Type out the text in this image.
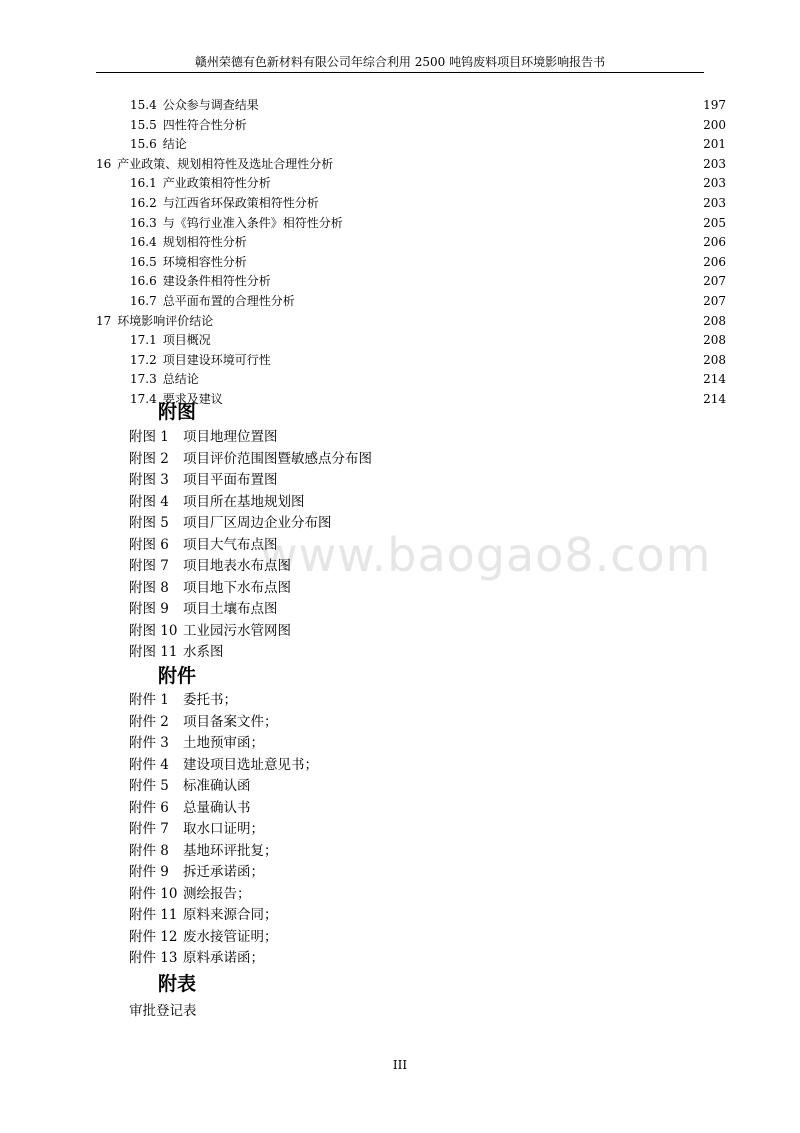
赣州荣德有色新材料有限公司年综合利用 2500 吨钨废料项目环境影响报告书
15.4 公众参与调查结果	197
15.5 四性符合性分析	200
15.6 结论	201
16 产业政策、规划相符性及选址合理性分析	203
16.1 产业政策相符性分析	203
16.2 与江西省环保政策相符性分析	203
16.3 与《钨行业准入条件》相符性分析	205
16.4 规划相符性分析	206
16.5 环境相容性分析	206
16.6 建设条件相符性分析	207
16.7 总平面布置的合理性分析	207
17 环境影响评价结论	208
17.1 项目概况	208
17.2 项目建设环境可行性	208
17.3 总结论	214
17.4 要求及建议	214
www.baogao8.com
附图
附图 1 项目地理位置图
附图 2 项目评价范围图暨敏感点分布图
附图 3 项目平面布置图
附图 4 项目所在基地规划图
附图 5 项目厂区周边企业分布图
附图 6 项目大气布点图
附图 7 项目地表水布点图
附图 8 项目地下水布点图
附图 9 项目土壤布点图
附图 10 工业园污水管网图
附图 11 水系图
附件
附件 1 委托书；
附件 2 项目备案文件；
附件 3 土地预审函；
附件 4 建设项目选址意见书；
附件 5 标准确认函
附件 6 总量确认书
附件 7 取水口证明；
附件 8 基地环评批复；
附件 9 拆迁承诺函；
附件 10 测绘报告；
附件 11 原料来源合同；
附件 12 废水接管证明；
附件 13 原料承诺函；
附表
审批登记表
III
